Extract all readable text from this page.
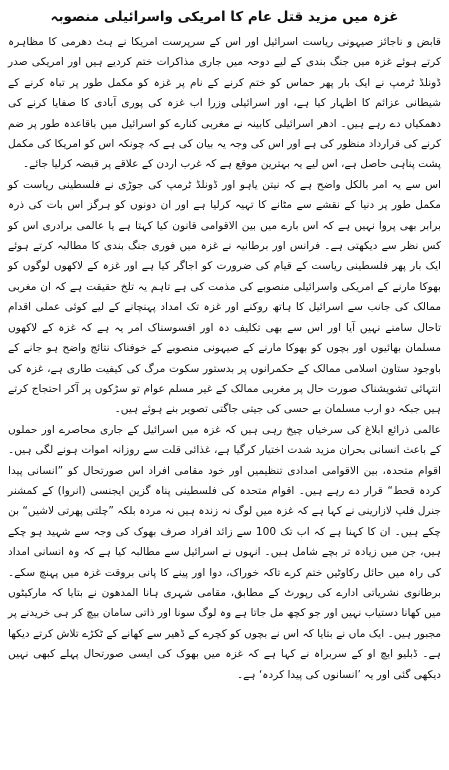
غزہ میں مزید قتل عام کا امریکی واسرائیلی منصوبہ

قابض و ناجائز صیہونی ریاست اسرائیل اور اس کے سرپرست امریکا نے ہٹ دھرمی کا مظاہرہ کرتے ہوئے غزہ میں جنگ بندی کے لیے دوحہ میں جاری مذاکرات ختم کردیے ہیں اور امریکی صدر ڈونلڈ ٹرمپ نے ایک بار پھر حماس کو ختم کرنے کے نام پر غزہ کو مکمل طور پر تباہ کرنے کے شیطانی عزائم کا اظہار کیا ہے، اور اسرائیلی وزرا اب غزہ کی پوری آبادی کا صفایا کرنے کی دھمکیاں دے رہے ہیں۔ ادھر اسرائیلی کابینہ نے مغربی کنارے کو اسرائیل میں باقاعدہ طور پر ضم کرنے کی قرارداد منظور کی ہے اور اس کی وجہ یہ بیان کی ہے کہ چونکہ اس کو امریکا کی مکمل پشت پناہی حاصل ہے، اس لیے یہ بہترین موقع ہے کہ غرب اردن کے علاقے پر قبضہ کرلیا جائے۔

اس سے یہ امر بالکل واضح ہے کہ نیتن یاہو اور ڈونلڈ ٹرمپ کی جوڑی نے فلسطینی ریاست کو مکمل طور پر دنیا کے نقشے سے مٹانے کا تہیہ کرلیا ہے اور ان دونوں کو ہرگز اس بات کی ذرہ برابر بھی پروا نہیں ہے کہ اس بارے میں بین الاقوامی قانون کیا کہتا ہے یا عالمی برادری اس کو کس نظر سے دیکھتی ہے۔ فرانس اور برطانیہ نے غزہ میں فوری جنگ بندی کا مطالبہ کرتے ہوئے ایک بار پھر فلسطینی ریاست کے قیام کی ضرورت کو اجاگر کیا ہے اور غزہ کے لاکھوں لوگوں کو بھوکا مارنے کے امریکی واسرائیلی منصوبے کی مذمت کی ہے تاہم یہ تلخ حقیقت ہے کہ ان مغربی ممالک کی جانب سے اسرائیل کا ہاتھ روکنے اور غزہ تک امداد پہنچانے کے لیے کوئی عملی اقدام تاحال سامنے نہیں آیا اور اس سے بھی تکلیف دہ اور افسوسناک امر یہ ہے کہ غزہ کے لاکھوں مسلمان بھائیوں اور بچوں کو بھوکا مارنے کے صیہونی منصوبے کے خوفناک نتائج واضح ہو جانے کے باوجود ستاون اسلامی ممالک کے حکمرانوں پر بدستور سکوت مرگ کی کیفیت طاری ہے، غزہ کی انتہائی تشویشناک صورت حال پر مغربی ممالک کے غیر مسلم عوام تو سڑکوں پر آکر احتجاج کرتے ہیں جبکہ دو ارب مسلمان بے حسی کی جیتی جاگتی تصویر بنے ہوئے ہیں۔

عالمی ذرائع ابلاغ کی سرخیاں چیخ رہی ہیں کہ غزہ میں اسرائیل کے جاری محاصرے اور حملوں کے باعث انسانی بحران مزید شدت اختیار کرگیا ہے، غذائی قلت سے روزانہ اموات ہونے لگی ہیں۔ اقوام متحدہ، بین الاقوامی امدادی تنظیمیں اور خود مقامی افراد اس صورتحال کو ”انسانی پیدا کردہ قحط“ قرار دے رہے ہیں۔ اقوام متحدہ کی فلسطینی پناہ گزین ایجنسی (انروا) کے کمشنر جنرل فلپ لازارینی نے کہا ہے کہ غزہ میں لوگ نہ زندہ ہیں نہ مردہ بلکہ ”چلتی پھرتی لاشیں“ بن چکے ہیں۔ ان کا کہنا ہے کہ اب تک 100 سے زائد افراد صرف بھوک کی وجہ سے شہید ہو چکے ہیں، جن میں زیادہ تر بچے شامل ہیں۔ انہوں نے اسرائیل سے مطالبہ کیا ہے کہ وہ انسانی امداد کی راہ میں حائل رکاوٹیں ختم کرے تاکہ خوراک، دوا اور پینے کا پانی بروقت غزہ میں پہنچ سکے۔ برطانوی نشریاتی ادارے کی رپورٹ کے مطابق، مقامی شہری ہانا المدھون نے بتایا کہ مارکیٹوں میں کھانا دستیاب نہیں اور جو کچھ مل جاتا ہے وہ لوگ سونا اور ذاتی سامان بیچ کر ہی خریدنے پر مجبور ہیں۔ ایک ماں نے بتایا کہ اس نے بچوں کو کچرے کے ڈھیر سے کھانے کے ٹکڑے تلاش کرتے دیکھا ہے۔ ڈبلیو ایچ او کے سربراہ نے کہا ہے کہ غزہ میں بھوک کی ایسی صورتحال پہلے کبھی نہیں دیکھی گئی اور یہ ’انسانوں کی پیدا کردہ‘ ہے۔
